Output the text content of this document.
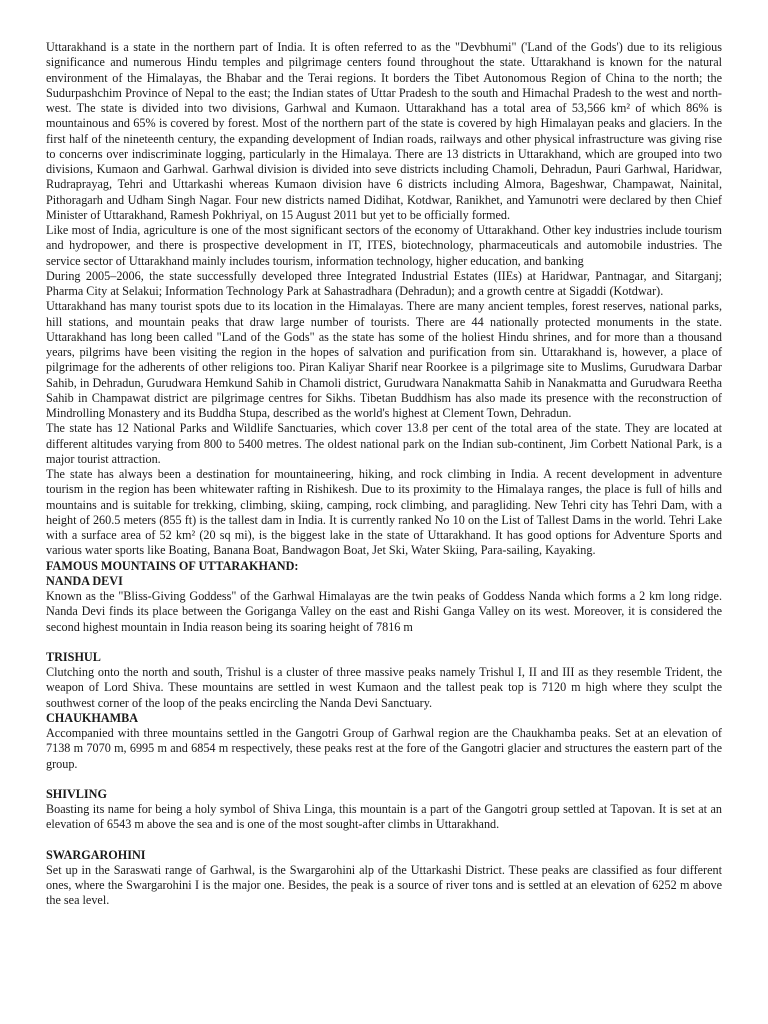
Uttarakhand is a state in the northern part of India. It is often referred to as the "Devbhumi" ('Land of the Gods') due to its religious significance and numerous Hindu temples and pilgrimage centers found throughout the state. Uttarakhand is known for the natural environment of the Himalayas, the Bhabar and the Terai regions. It borders the Tibet Autonomous Region of China to the north; the Sudurpashchim Province of Nepal to the east; the Indian states of Uttar Pradesh to the south and Himachal Pradesh to the west and north-west. The state is divided into two divisions, Garhwal and Kumaon. Uttarakhand has a total area of 53,566 km² of which 86% is mountainous and 65% is covered by forest. Most of the northern part of the state is covered by high Himalayan peaks and glaciers. In the first half of the nineteenth century, the expanding development of Indian roads, railways and other physical infrastructure was giving rise to concerns over indiscriminate logging, particularly in the Himalaya. There are 13 districts in Uttarakhand, which are grouped into two divisions, Kumaon and Garhwal. Garhwal division is divided into seve districts including Chamoli, Dehradun, Pauri Garhwal, Haridwar, Rudraprayag, Tehri and Uttarkashi whereas Kumaon division have 6 districts including Almora, Bageshwar, Champawat, Nainital, Pithoragarh and Udham Singh Nagar. Four new districts named Didihat, Kotdwar, Ranikhet, and Yamunotri were declared by then Chief Minister of Uttarakhand, Ramesh Pokhriyal, on 15 August 2011 but yet to be officially formed.

Like most of India, agriculture is one of the most significant sectors of the economy of Uttarakhand. Other key industries include tourism and hydropower, and there is prospective development in IT, ITES, biotechnology, pharmaceuticals and automobile industries. The service sector of Uttarakhand mainly includes tourism, information technology, higher education, and banking

During 2005–2006, the state successfully developed three Integrated Industrial Estates (IIEs) at Haridwar, Pantnagar, and Sitarganj; Pharma City at Selakui; Information Technology Park at Sahastradhara (Dehradun); and a growth centre at Sigaddi (Kotdwar).

Uttarakhand has many tourist spots due to its location in the Himalayas. There are many ancient temples, forest reserves, national parks, hill stations, and mountain peaks that draw large number of tourists. There are 44 nationally protected monuments in the state. Uttarakhand has long been called "Land of the Gods" as the state has some of the holiest Hindu shrines, and for more than a thousand years, pilgrims have been visiting the region in the hopes of salvation and purification from sin. Uttarakhand is, however, a place of pilgrimage for the adherents of other religions too. Piran Kaliyar Sharif near Roorkee is a pilgrimage site to Muslims, Gurudwara Darbar Sahib, in Dehradun, Gurudwara Hemkund Sahib in Chamoli district, Gurudwara Nanakmatta Sahib in Nanakmatta and Gurudwara Reetha Sahib in Champawat district are pilgrimage centres for Sikhs. Tibetan Buddhism has also made its presence with the reconstruction of Mindrolling Monastery and its Buddha Stupa, described as the world's highest at Clement Town, Dehradun.

The state has 12 National Parks and Wildlife Sanctuaries, which cover 13.8 per cent of the total area of the state. They are located at different altitudes varying from 800 to 5400 metres. The oldest national park on the Indian sub-continent, Jim Corbett National Park, is a major tourist attraction.

The state has always been a destination for mountaineering, hiking, and rock climbing in India. A recent development in adventure tourism in the region has been whitewater rafting in Rishikesh. Due to its proximity to the Himalaya ranges, the place is full of hills and mountains and is suitable for trekking, climbing, skiing, camping, rock climbing, and paragliding. New Tehri city has Tehri Dam, with a height of 260.5 meters (855 ft) is the tallest dam in India. It is currently ranked No 10 on the List of Tallest Dams in the world. Tehri Lake with a surface area of 52 km² (20 sq mi), is the biggest lake in the state of Uttarakhand. It has good options for Adventure Sports and various water sports like Boating, Banana Boat, Bandwagon Boat, Jet Ski, Water Skiing, Para-sailing, Kayaking.

FAMOUS MOUNTAINS OF UTTARAKHAND:
NANDA DEVI

Known as the "Bliss-Giving Goddess" of the Garhwal Himalayas are the twin peaks of Goddess Nanda which forms a 2 km long ridge. Nanda Devi finds its place between the Goriganga Valley on the east and Rishi Ganga Valley on its west. Moreover, it is considered the second highest mountain in India reason being its soaring height of 7816 m

TRISHUL

Clutching onto the north and south, Trishul is a cluster of three massive peaks namely Trishul I, II and III as they resemble Trident, the weapon of Lord Shiva. These mountains are settled in west Kumaon and the tallest peak top is 7120 m high where they sculpt the southwest corner of the loop of the peaks encircling the Nanda Devi Sanctuary.

CHAUKHAMBA

Accompanied with three mountains settled in the Gangotri Group of Garhwal region are the Chaukhamba peaks. Set at an elevation of 7138 m 7070 m, 6995 m and 6854 m respectively, these peaks rest at the fore of the Gangotri glacier and structures the eastern part of the group.

SHIVLING

Boasting its name for being a holy symbol of Shiva Linga, this mountain is a part of the Gangotri group settled at Tapovan. It is set at an elevation of 6543 m above the sea and is one of the most sought-after climbs in Uttarakhand.

SWARGAROHINI

Set up in the Saraswati range of Garhwal, is the Swargarohini alp of the Uttarkashi District. These peaks are classified as four different ones, where the Swargarohini I is the major one. Besides, the peak is a source of river tons and is settled at an elevation of 6252 m above the sea level.
